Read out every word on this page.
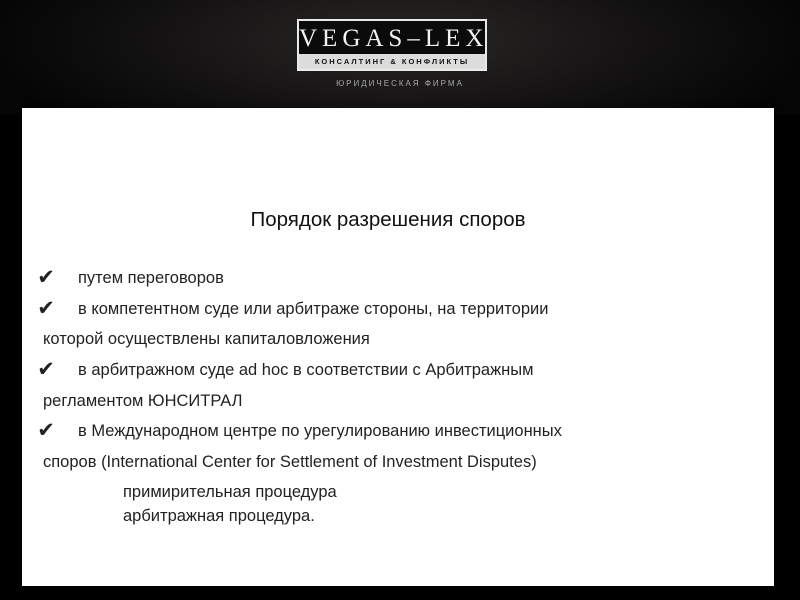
VEGAS–LEX
КОНСАЛТИНГ & КОНФЛИКТЫ
ЮРИДИЧЕСКАЯ ФИРМА
Порядок разрешения споров
✔ путем переговоров
✔ в компетентном суде или арбитраже стороны, на территории
которой осуществлены капиталовложения
✔ в арбитражном суде ad hoc в соответствии с Арбитражным
регламентом ЮНСИТРАЛ
✔ в Международном центре по урегулированию инвестиционных
споров (International Center for Settlement of Investment Disputes)
примирительная процедура
арбитражная процедура.
